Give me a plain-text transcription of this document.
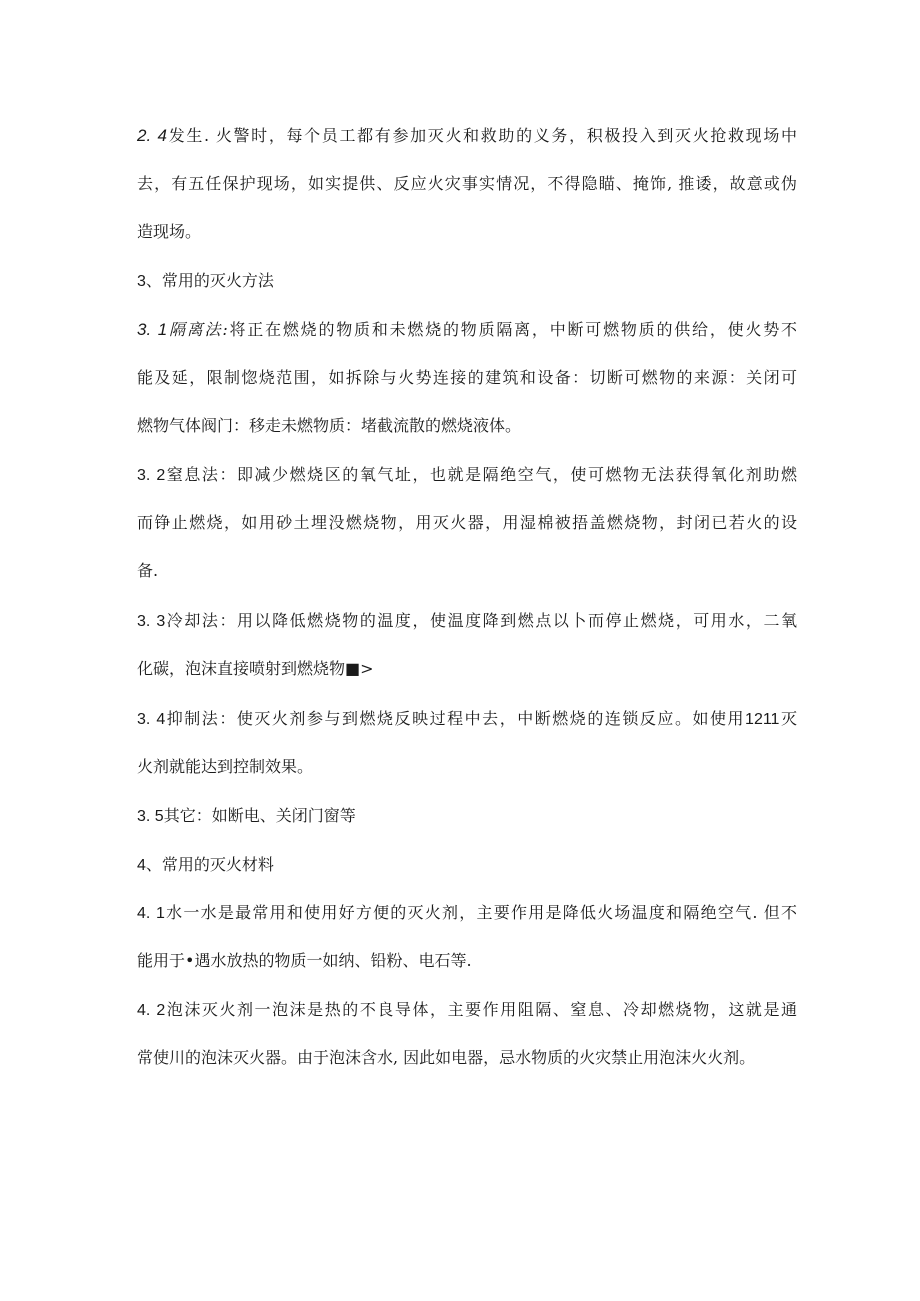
2. 4发生. 火警时，每个员工都有参加灭火和救助的义务，积极投入到灭火抢救现场中
去，有五任保护现场，如实提供、反应火灾事实情况，不得隐瞄、掩饰, 推诿，故意或伪
造现场。
3、常用的灭火方法
3. 1隔离法:将正在燃烧的物质和未燃烧的物质隔离，中断可燃物质的供给，使火势不
能及延，限制惚烧范围，如拆除与火势连接的建筑和设备：切断可燃物的来源：关闭可
燃物气体阀门：移走未燃物质：堵截流散的燃烧液体。
3. 2窒息法：即减少燃烧区的氧气址，也就是隔绝空气，使可燃物无法获得氧化剂助燃
而铮止燃烧，如用砂土埋没燃烧物，用灭火器，用湿棉被捂盖燃烧物，封闭已若火的设
备.
3. 3冷却法：用以降低燃烧物的温度，使温度降到燃点以卜而停止燃烧，可用水，二氧
化碳，泡沫直接喷射到燃烧物■>
3. 4抑制法：使灭火剂参与到燃烧反映过程中去，中断燃烧的连锁反应。如使用1211灭
火剂就能达到控制效果。
3. 5其它：如断电、关闭门窗等
4、常用的灭火材料
4. 1水一水是最常用和使用好方便的灭火剂，主要作用是降低火场温度和隔绝空气. 但不
能用于•遇水放热的物质一如纳、铅粉、电石等.
4. 2泡沫灭火剂一泡沫是热的不良导体，主要作用阻隔、窒息、冷却燃烧物，这就是通
常使川的泡沫灭火器。由于泡沫含水, 因此如电器，忌水物质的火灾禁止用泡沫火火剂。
